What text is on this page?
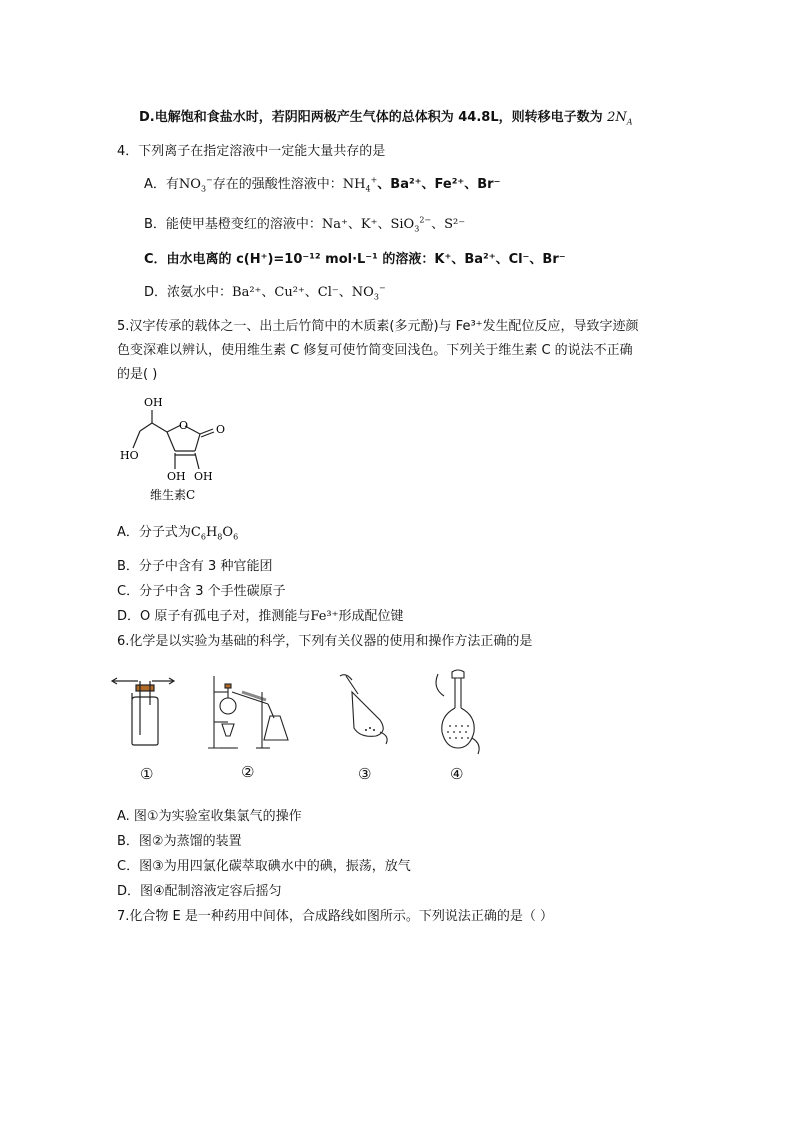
D.电解饱和食盐水时，若阴阳两极产生气体的总体积为 44.8L，则转移电子数为 $2N_A$
4．下列离子在指定溶液中一定能大量共存的是
A．有$NO_3^-$存在的强酸性溶液中：$NH_4^+$、Ba²⁺、Fe²⁺、Br⁻
B．能使甲基橙变红的溶液中：Na⁺、K⁺、SiO$_3^{2-}$、S²⁻
C．由水电离的 c(H⁺)=10⁻¹² mol·L⁻¹ 的溶液：K⁺、Ba²⁺、Cl⁻、Br⁻
D．浓氨水中：Ba²⁺、Cu²⁺、Cl⁻、$NO_3^-$
5.汉字传承的载体之一、出土后竹简中的木质素(多元酚)与 Fe³⁺发生配位反应，导致字迹颜
色变深难以辨认，使用维生素 C 修复可使竹简变回浅色。下列关于维生素 C 的说法不正确
的是( )
OH
O	O
HO
OH OH
维生素C
A．分子式为$C_6H_8O_6$
B．分子中含有 3 种官能团
C．分子中含 3 个手性碳原子
D．O 原子有孤电子对，推测能与Fe³⁺形成配位键
6.化学是以实验为基础的科学，下列有关仪器的使用和操作方法正确的是
①	②	③	④
A. 图①为实验室收集氯气的操作
B．图②为蒸馏的装置
C．图③为用四氯化碳萃取碘水中的碘，振荡，放气
D．图④配制溶液定容后摇匀
7.化合物 E 是一种药用中间体，合成路线如图所示。下列说法正确的是（ ）
